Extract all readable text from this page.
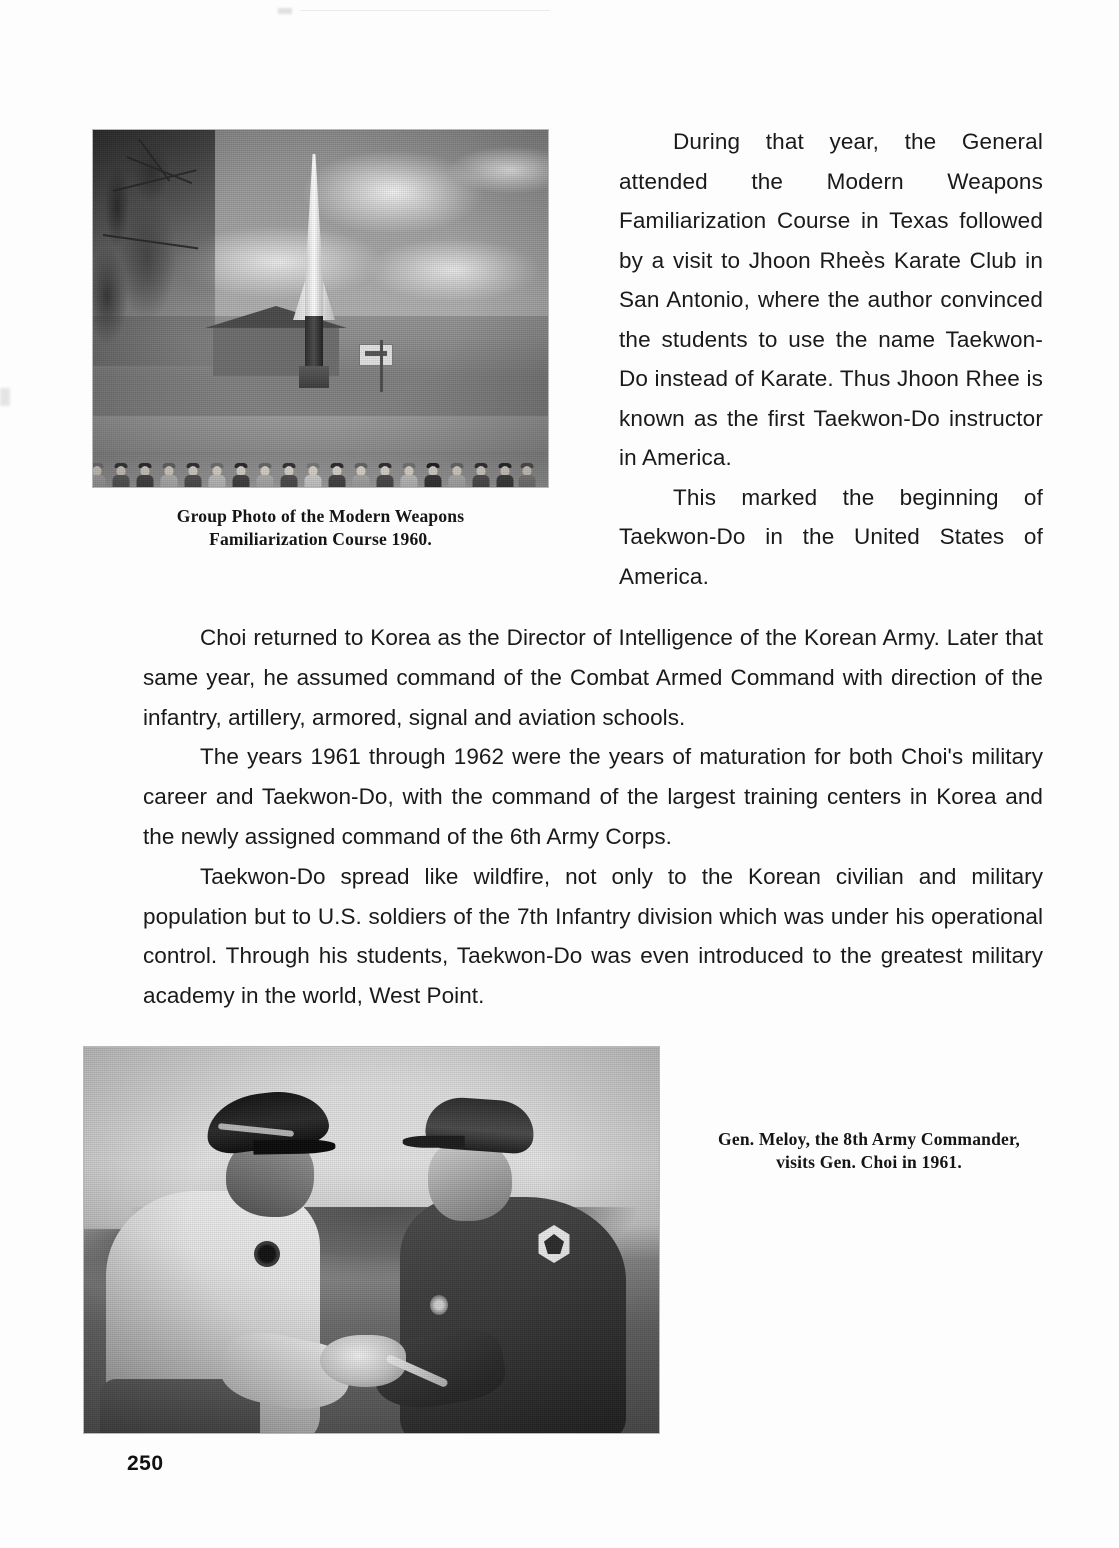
Group Photo of the Modern Weapons
Familiarization Course 1960.

During that year, the General attended the Modern Weapons Familiarization Course in Texas followed by a visit to Jhoon Rheès Karate Club in San Antonio, where the author convinced the students to use the name Taekwon-Do instead of Karate. Thus Jhoon Rhee is known as the first Taekwon-Do instructor in America.

This marked the beginning of Taekwon-Do in the United States of America.

Choi returned to Korea as the Director of Intelligence of the Korean Army. Later that same year, he assumed command of the Combat Armed Command with direction of the infantry, artillery, armored, signal and aviation schools.

The years 1961 through 1962 were the years of maturation for both Choi's military career and Taekwon-Do, with the command of the largest training centers in Korea and the newly assigned command of the 6th Army Corps.

Taekwon-Do spread like wildfire, not only to the Korean civilian and military population but to U.S. soldiers of the 7th Infantry division which was under his operational control. Through his students, Taekwon-Do was even introduced to the greatest military academy in the world, West Point.

Gen. Meloy, the 8th Army Commander,
visits Gen. Choi in 1961.
250
